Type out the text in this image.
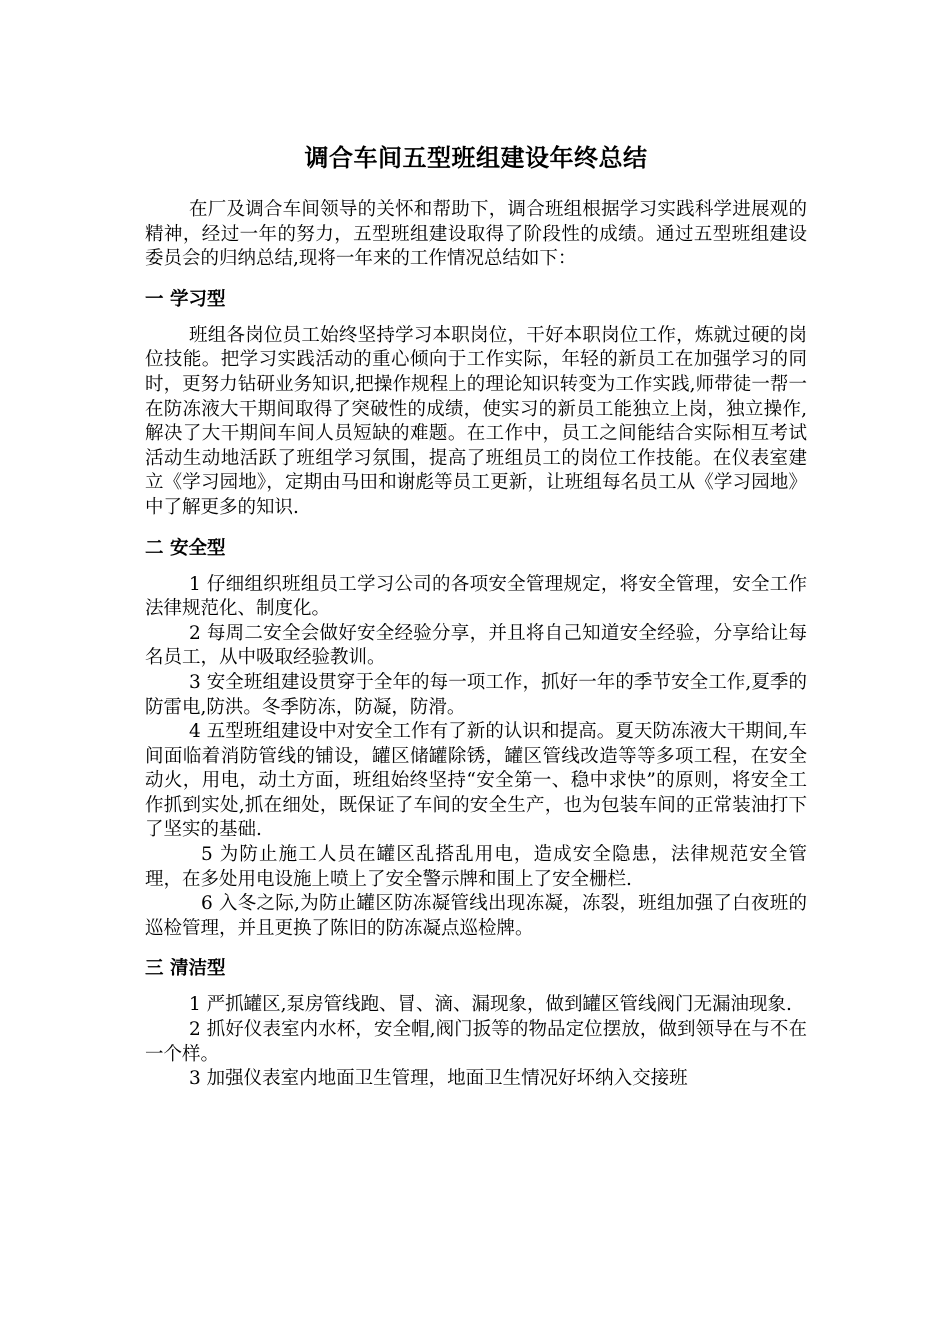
调合车间五型班组建设年终总结

在厂及调合车间领导的关怀和帮助下，调合班组根据学习实践科学进展观的精神，经过一年的努力，五型班组建设取得了阶段性的成绩。通过五型班组建设委员会的归纳总结,现将一年来的工作情况总结如下：

一 学习型

班组各岗位员工始终坚持学习本职岗位，干好本职岗位工作，炼就过硬的岗位技能。把学习实践活动的重心倾向于工作实际，年轻的新员工在加强学习的同时，更努力钻研业务知识,把操作规程上的理论知识转变为工作实践,师带徒一帮一在防冻液大干期间取得了突破性的成绩，使实习的新员工能独立上岗，独立操作,解决了大干期间车间人员短缺的难题。在工作中，员工之间能结合实际相互考试活动生动地活跃了班组学习氛围，提高了班组员工的岗位工作技能。在仪表室建立《学习园地》，定期由马田和谢彪等员工更新，让班组每名员工从《学习园地》中了解更多的知识.

二 安全型

1 仔细组织班组员工学习公司的各项安全管理规定，将安全管理，安全工作法律规范化、制度化。

2 每周二安全会做好安全经验分享，并且将自己知道安全经验，分享给让每名员工，从中吸取经验教训。

3 安全班组建设贯穿于全年的每一项工作，抓好一年的季节安全工作,夏季的防雷电,防洪。冬季防冻，防凝，防滑。

4 五型班组建设中对安全工作有了新的认识和提高。夏天防冻液大干期间,车间面临着消防管线的铺设，罐区储罐除锈，罐区管线改造等等多项工程，在安全动火，用电，动土方面，班组始终坚持“安全第一、稳中求快”的原则，将安全工作抓到实处,抓在细处，既保证了车间的安全生产，也为包装车间的正常装油打下了坚实的基础.

5 为防止施工人员在罐区乱搭乱用电，造成安全隐患，法律规范安全管理，在多处用电设施上喷上了安全警示牌和围上了安全栅栏.

6 入冬之际,为防止罐区防冻凝管线出现冻凝，冻裂，班组加强了白夜班的巡检管理，并且更换了陈旧的防冻凝点巡检牌。

三 清洁型

1 严抓罐区,泵房管线跑、冒、滴、漏现象，做到罐区管线阀门无漏油现象.

2 抓好仪表室内水杯，安全帽,阀门扳等的物品定位摆放，做到领导在与不在一个样。

3 加强仪表室内地面卫生管理，地面卫生情况好坏纳入交接班
